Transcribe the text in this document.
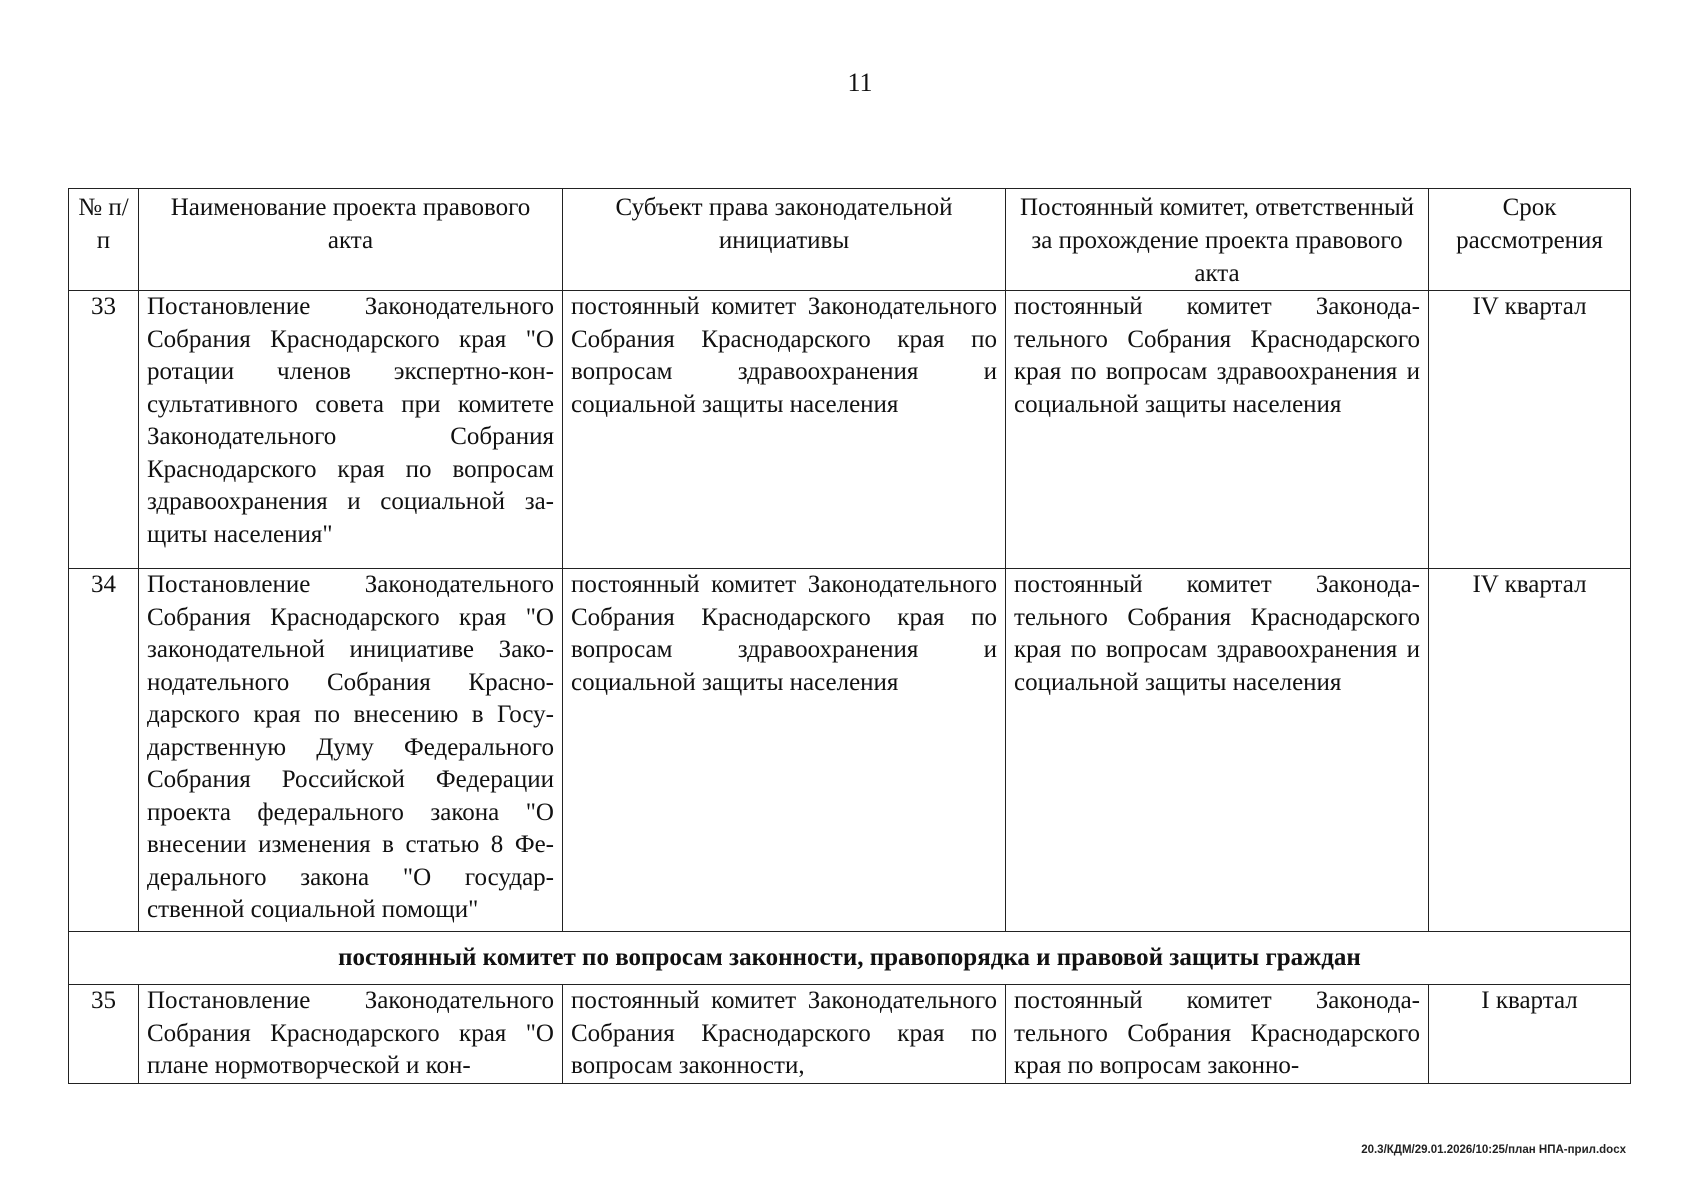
11
№ п/п	Наименование проекта правового акта	Субъект права законодательной инициативы	Постоянный комитет, ответственный за прохождение проекта правового акта	Срок рассмотрения
33	Постановление Законодательного Собрания Краснодарского края "О ротации членов экспертно-консультативного совета при комитете Законодательного Собрания Краснодарского края по вопросам здравоохранения и социальной защиты населения"	постоянный комитет Законодательного Собрания Краснодарского края по вопросам здравоохранения и социальной защиты населения	постоянный комитет Законодательного Собрания Краснодарского края по вопросам здравоохранения и социальной защиты населения	IV квартал
34	Постановление Законодательного Собрания Краснодарского края "О законодательной инициативе Законодательного Собрания Краснодарского края по внесению в Государственную Думу Федерального Собрания Российской Федерации проекта федерального закона "О внесении изменения в статью 8 Федерального закона "О государственной социальной помощи"	постоянный комитет Законодательного Собрания Краснодарского края по вопросам здравоохранения и социальной защиты населения	постоянный комитет Законодательного Собрания Краснодарского края по вопросам здравоохранения и социальной защиты населения	IV квартал
постоянный комитет по вопросам законности, правопорядка и правовой защиты граждан				
35	Постановление Законодательного Собрания Краснодарского края "О плане нормотворческой и кон-	постоянный комитет Законодательного Собрания Краснодарского края по вопросам законности,	постоянный комитет Законодательного Собрания Краснодарского края по вопросам законно-	I квартал
20.3/КДМ/29.01.2026/10:25/план НПА-прил.docx
